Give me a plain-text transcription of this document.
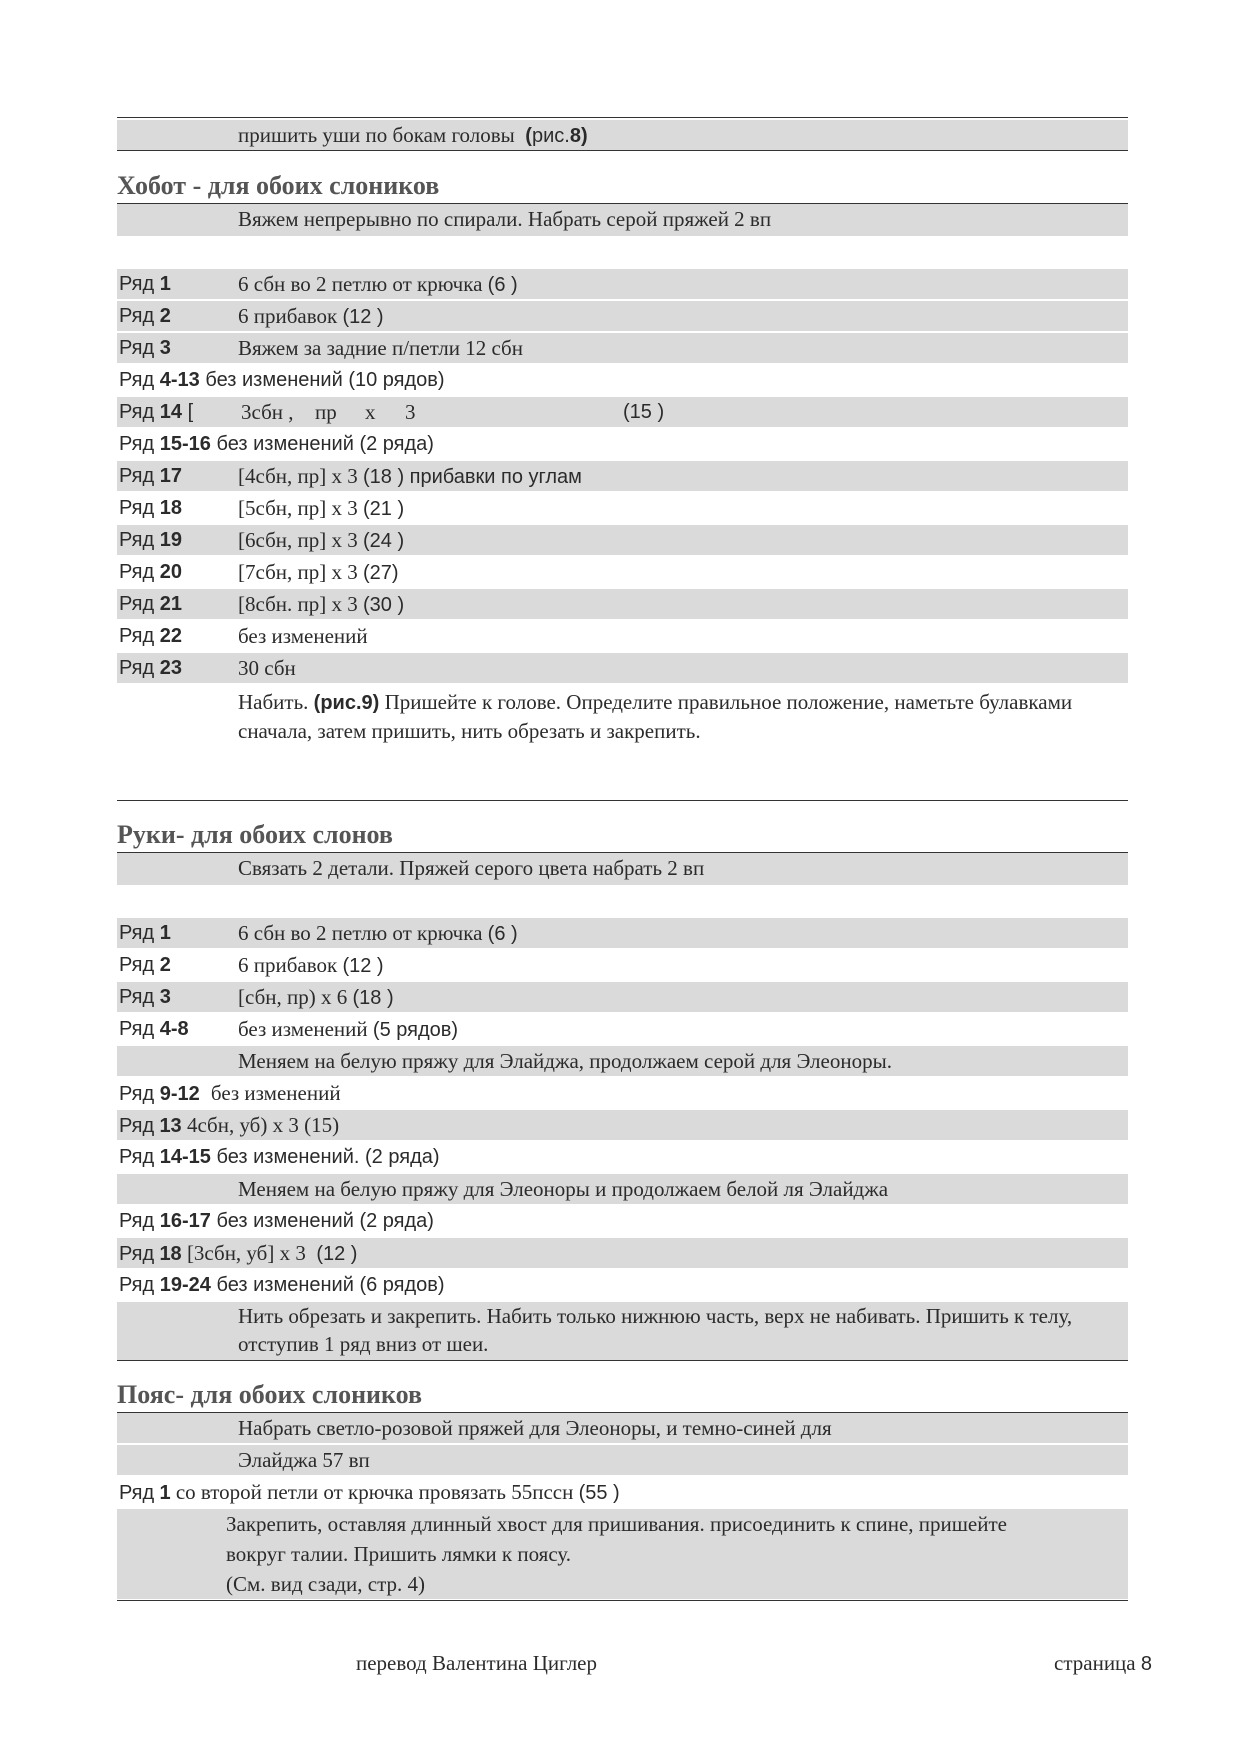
пришить уши по бокам головы (рис.8)
Хобот - для обоих слоников
Вяжем непрерывно по спирали. Набрать серой пряжей 2 вп
Ряд 1	6 сбн во 2 петлю от крючка (6 )
Ряд 2	6 прибавок (12 )
Ряд 3	Вяжем за задние п/петли 12 сбн
Ряд 4-13 без изменений (10 рядов)
Ряд 14 [ 3сбн , пр х 3	(15 )
Ряд 15-16 без изменений (2 ряда)
Ряд 17	[4сбн, пр] х 3 (18 ) прибавки по углам
Ряд 18	[5сбн, пр] х 3 (21 )
Ряд 19	[6сбн, пр] х 3 (24 )
Ряд 20	[7сбн, пр] х 3 (27)
Ряд 21	[8сбн. пр] х 3 (30 )
Ряд 22	без изменений
Ряд 23	30 сбн
Набить. (рис.9) Пришейте к голове. Определите правильное положение, наметьте булавками сначала, затем пришить, нить обрезать и закрепить.
Руки- для обоих слонов
Связать 2 детали. Пряжей серого цвета набрать 2 вп
Ряд 1	6 сбн во 2 петлю от крючка (6 )
Ряд 2	6 прибавок (12 )
Ряд 3	[сбн, пр) х 6 (18 )
Ряд 4-8 без изменений (5 рядов)
Меняем на белую пряжу для Элайджа, продолжаем серой для Элеоноры.
Ряд 9-12 без изменений
Ряд 13 4сбн, уб) х 3 (15)
Ряд 14-15 без изменений. (2 ряда)
Меняем на белую пряжу для Элеоноры и продолжаем белой ля Элайджа
Ряд 16-17 без изменений (2 ряда)
Ряд 18 [3сбн, уб] х 3 (12 )
Ряд 19-24 без изменений (6 рядов)
Нить обрезать и закрепить. Набить только нижнюю часть, верх не набивать. Пришить к телу, отступив 1 ряд вниз от шеи.
Пояс- для обоих слоников
Набрать светло-розовой пряжей для Элеоноры, и темно-синей для
Элайджа 57 вп
Ряд 1 со второй петли от крючка провязать 55пссн (55 )
Закрепить, оставляя длинный хвост для пришивания. присоединить к спине, пришейте
вокруг талии. Пришить лямки к поясу.
(См. вид сзади, стр. 4)
перевод Валентина Циглер	страница 8
